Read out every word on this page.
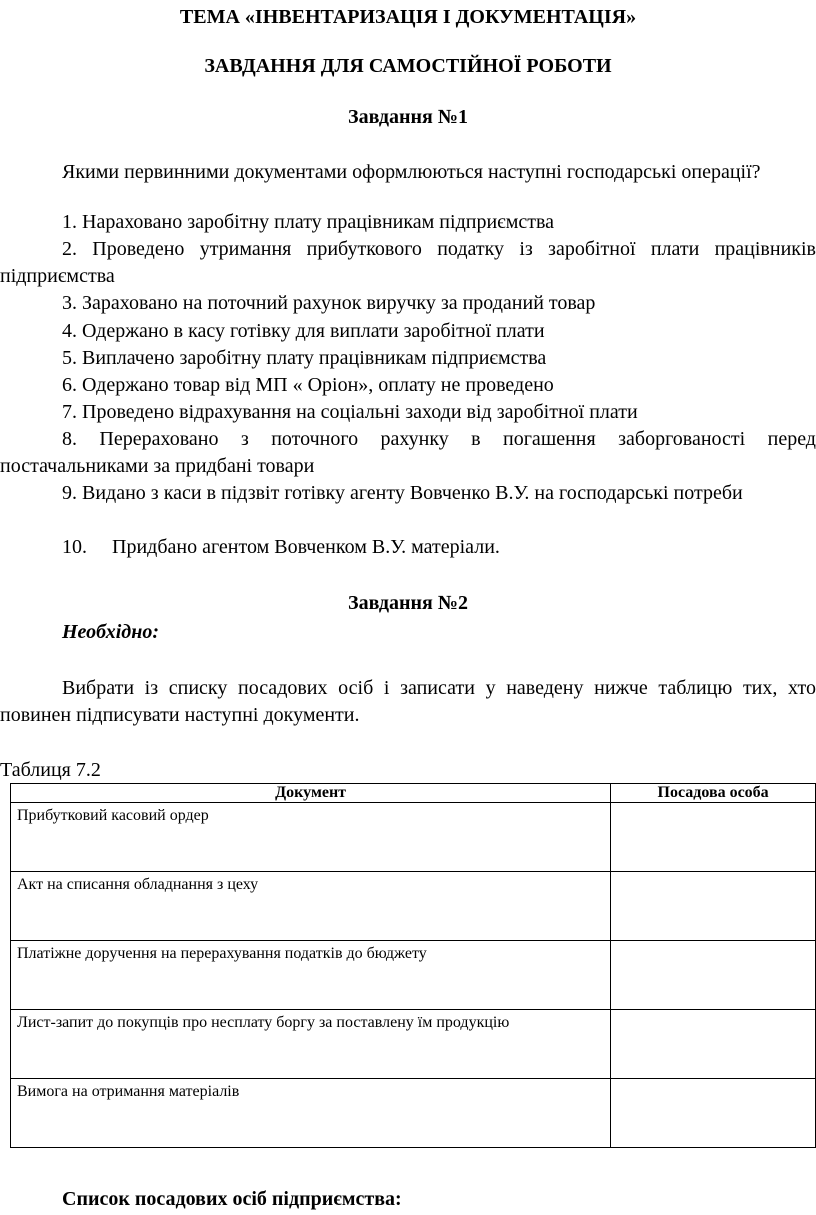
ТЕМА «ІНВЕНТАРИЗАЦІЯ І ДОКУМЕНТАЦІЯ»
ЗАВДАННЯ ДЛЯ САМОСТІЙНОЇ РОБОТИ
Завдання №1
Якими первинними документами оформлюються наступні господарські операції?
1. Нараховано заробітну плату працівникам підприємства
2. Проведено утримання прибуткового податку із заробітної плати працівників підприємства
3. Зараховано на поточний рахунок виручку за проданий товар
4. Одержано в касу готівку для виплати заробітної плати
5. Виплачено заробітну плату працівникам підприємства
6. Одержано товар від МП « Оріон», оплату не проведено
7. Проведено відрахування на соціальні заходи від заробітної плати
8. Перераховано з поточного рахунку в погашення заборгованості перед постачальниками за придбані товари
9. Видано з каси в підзвіт готівку агенту Вовченко В.У. на господарські потреби
10.     Придбано агентом Вовченком В.У. матеріали.
Завдання №2
Необхідно:
Вибрати із списку посадових осіб і записати у наведену нижче таблицю тих, хто повинен підписувати наступні документи.
Таблиця 7.2
Документ	Посадова особа
Прибутковий касовий ордер	
Акт на списання обладнання з цеху	
Платіжне доручення на перерахування податків до бюджету	
Лист-запит до покупців про несплату боргу за поставлену їм продукцію	
Вимога на отримання матеріалів	
Список посадових осіб підприємства:
